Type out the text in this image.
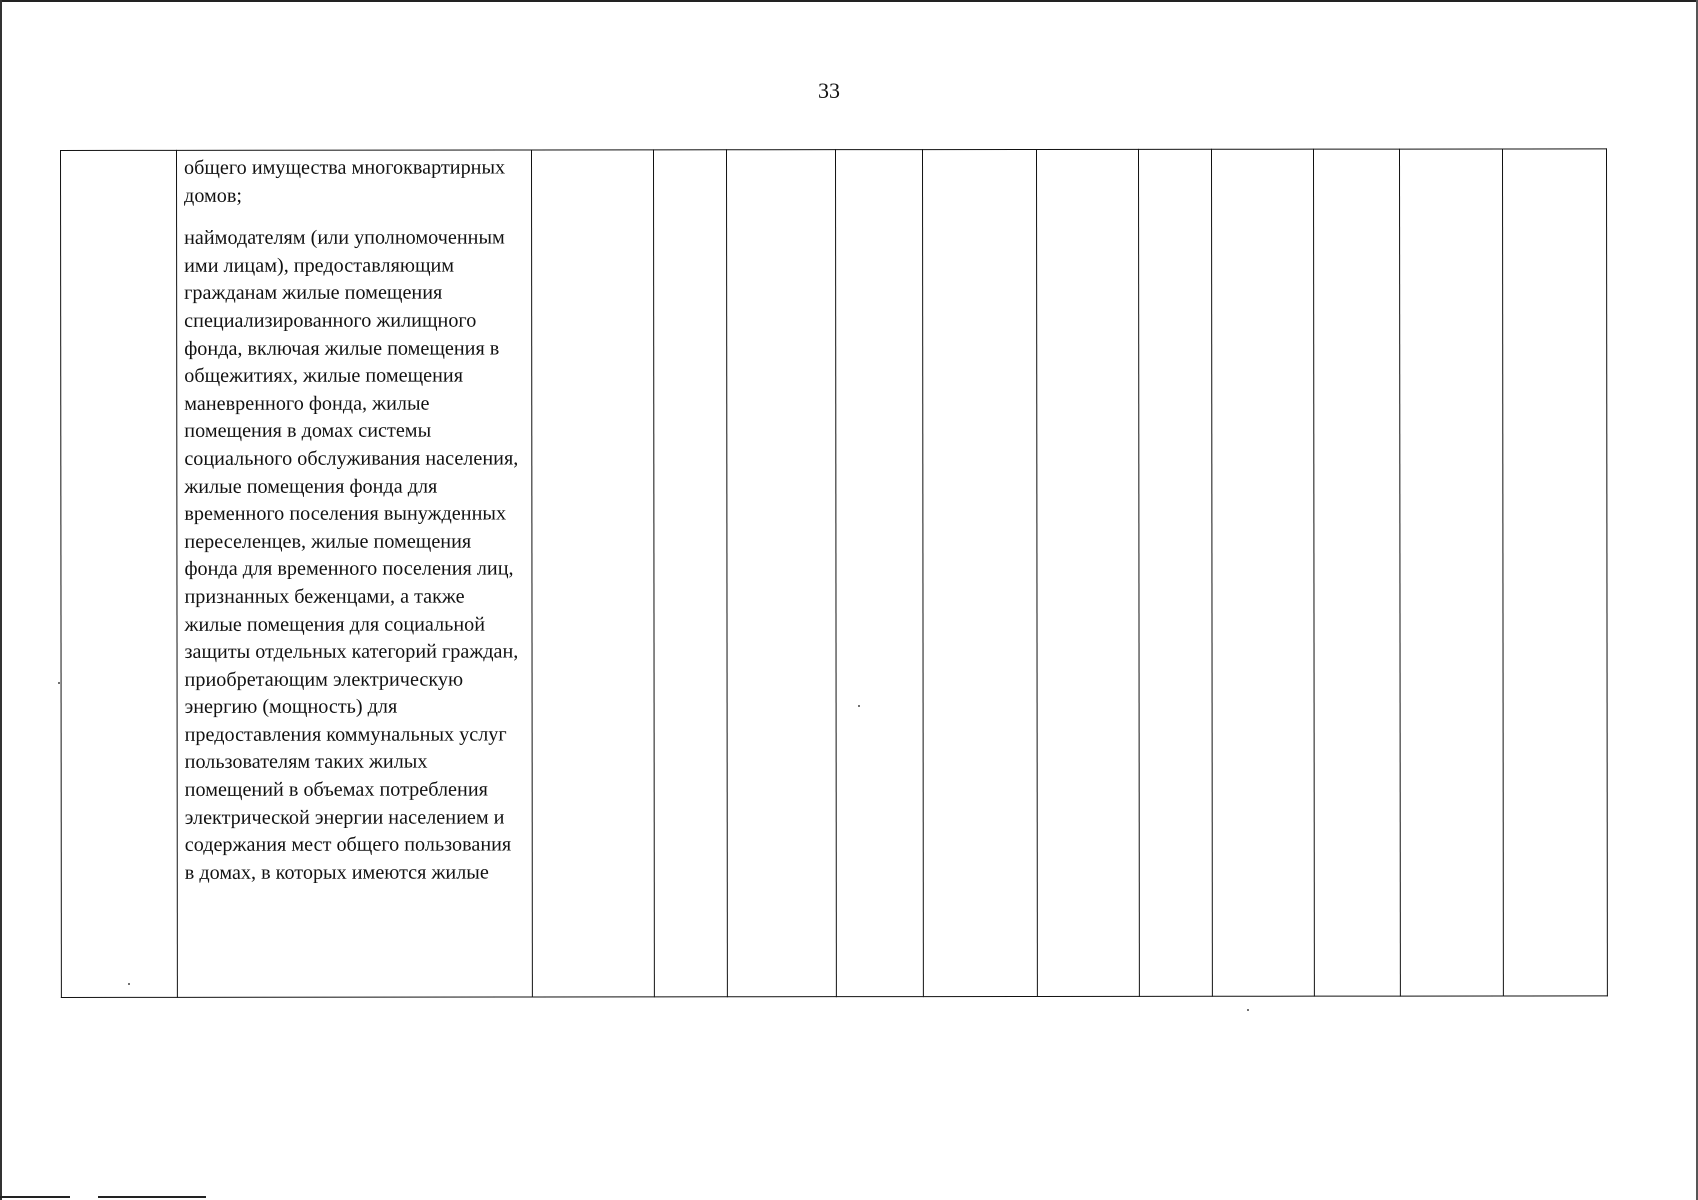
33

общего имущества многоквартирных домов;

наймодателям (или уполномоченным ими лицам), предоставляющим гражданам жилые помещения специализированного жилищного фонда, включая жилые помещения в общежитиях, жилые помещения маневренного фонда, жилые помещения в домах системы социального обслуживания населения, жилые помещения фонда для временного поселения вынужденных переселенцев, жилые помещения фонда для временного поселения лиц, признанных беженцами, а также жилые помещения для социальной защиты отдельных категорий граждан, приобретающим электрическую энергию (мощность) для предоставления коммунальных услуг пользователям таких жилых помещений в объемах потребления электрической энергии населением и содержания мест общего пользования в домах, в которых имеются жилые
